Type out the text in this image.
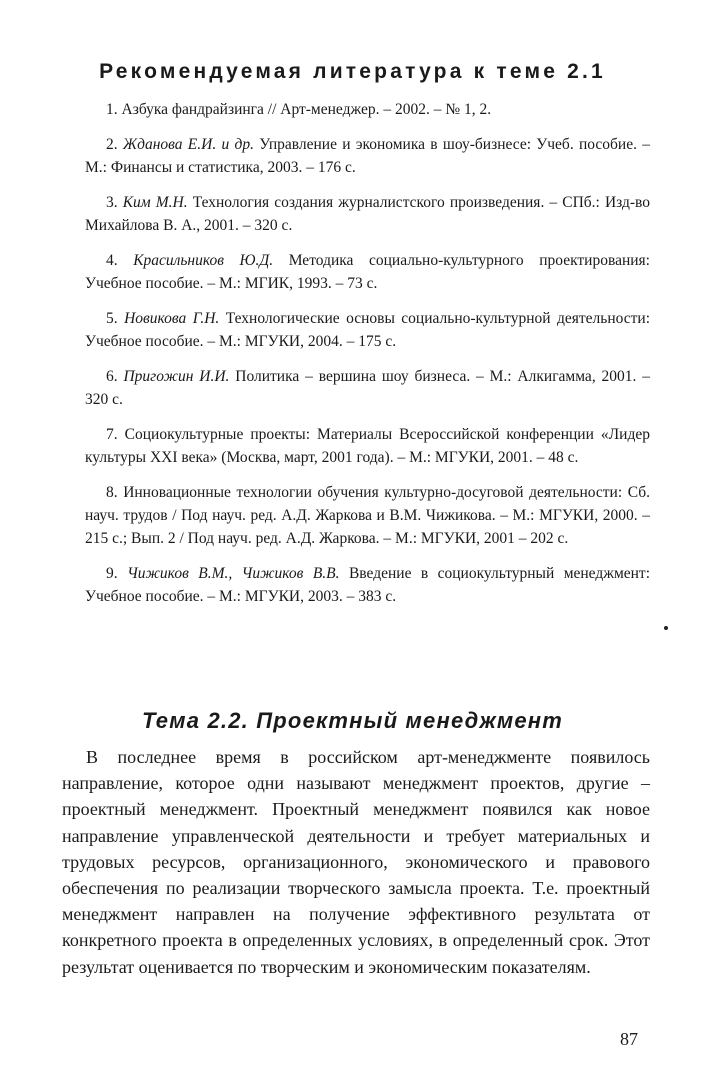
Рекомендуемая литература к теме 2.1

1. Азбука фандрайзинга // Арт-менеджер. – 2002. – № 1, 2.

2. Жданова Е.И. и др. Управление и экономика в шоу-бизнесе: Учеб. пособие. – М.: Финансы и статистика, 2003. – 176 с.

3. Ким М.Н. Технология создания журналистского произведения. – СПб.: Изд-во Михайлова В. А., 2001. – 320 с.

4. Красильников Ю.Д. Методика социально-культурного проектирования: Учебное пособие. – М.: МГИК, 1993. – 73 с.

5. Новикова Г.Н. Технологические основы социально-культурной деятельности: Учебное пособие. – М.: МГУКИ, 2004. – 175 с.

6. Пригожин И.И. Политика – вершина шоу бизнеса. – М.: Алкигамма, 2001. – 320 с.

7. Социокультурные проекты: Материалы Всероссийской конференции «Лидер культуры XXI века» (Москва, март, 2001 года). – М.: МГУКИ, 2001. – 48 с.

8. Инновационные технологии обучения культурно-досуговой деятельности: Сб. науч. трудов / Под науч. ред. А.Д. Жаркова и В.М. Чижикова. – М.: МГУКИ, 2000. – 215 с.; Вып. 2 / Под науч. ред. А.Д. Жаркова. – М.: МГУКИ, 2001 – 202 с.

9. Чижиков В.М., Чижиков В.В. Введение в социокультурный менеджмент: Учебное пособие. – М.: МГУКИ, 2003. – 383 с.

Тема 2.2. Проектный менеджмент

В последнее время в российском арт-менеджменте появилось направление, которое одни называют менеджмент проектов, другие – проектный менеджмент. Проектный менеджмент появился как новое направление управленческой деятельности и требует материальных и трудовых ресурсов, организационного, экономического и правового обеспечения по реализации творческого замысла проекта. Т.е. проектный менеджмент направлен на получение эффективного результата от конкретного проекта в определенных условиях, в определенный срок. Этот результат оценивается по творческим и экономическим показателям.

87
